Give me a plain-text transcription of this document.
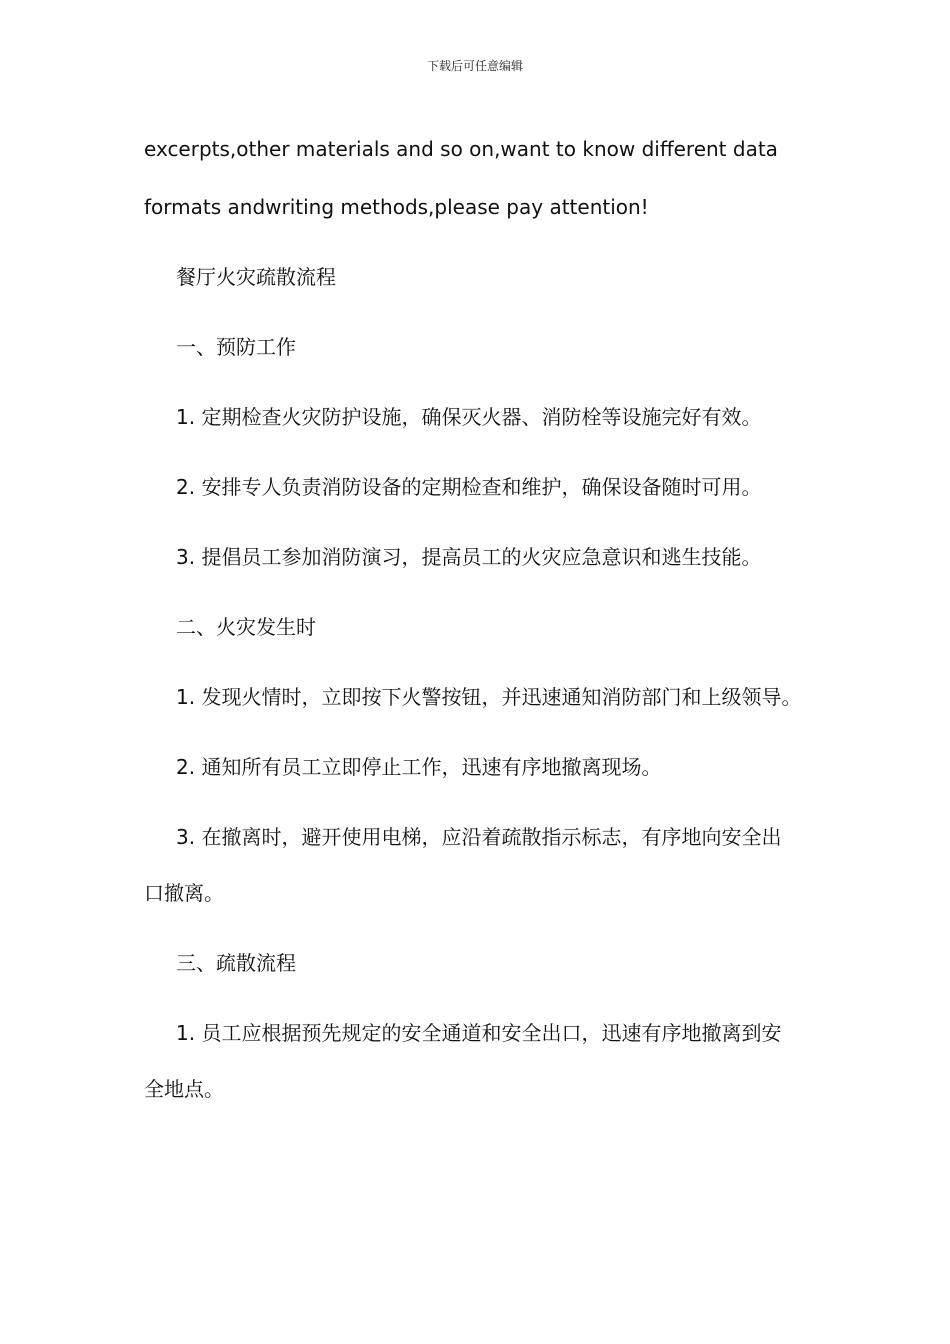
下载后可任意编辑
excerpts,other materials and so on,want to know different data
formats andwriting methods,please pay attention!
餐厅火灾疏散流程
一、预防工作
1. 定期检查火灾防护设施，确保灭火器、消防栓等设施完好有效。
2. 安排专人负责消防设备的定期检查和维护，确保设备随时可用。
3. 提倡员工参加消防演习，提高员工的火灾应急意识和逃生技能。
二、火灾发生时
1. 发现火情时，立即按下火警按钮，并迅速通知消防部门和上级领导。
2. 通知所有员工立即停止工作，迅速有序地撤离现场。
3. 在撤离时，避开使用电梯，应沿着疏散指示标志，有序地向安全出
口撤离。
三、疏散流程
1. 员工应根据预先规定的安全通道和安全出口，迅速有序地撤离到安
全地点。
